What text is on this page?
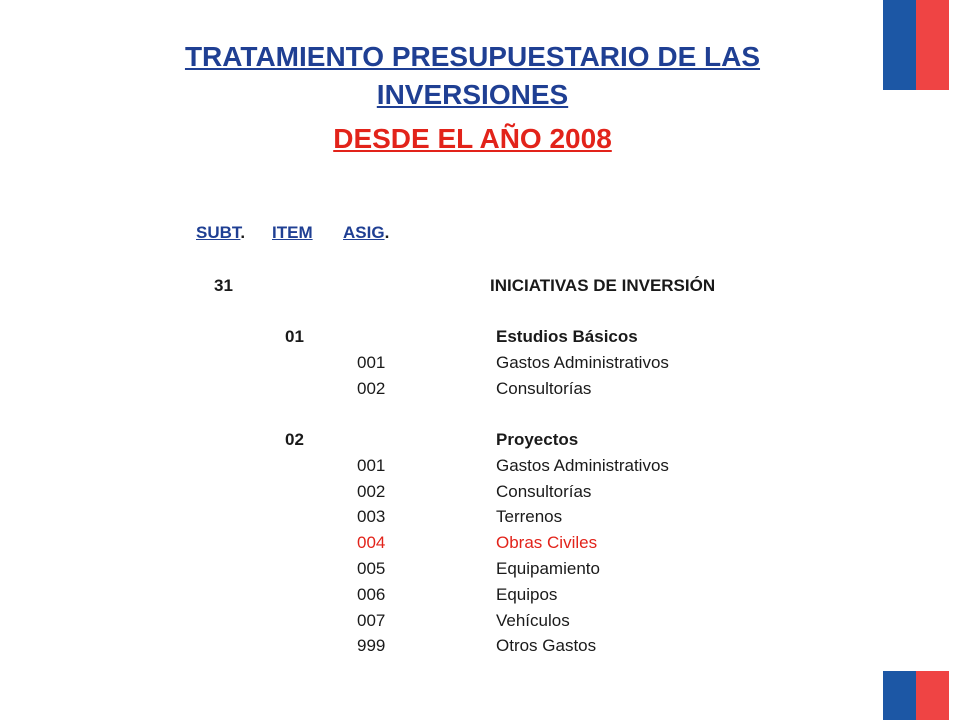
TRATAMIENTO PRESUPUESTARIO DE LAS INVERSIONES
DESDE EL AÑO 2008
SUBT. ITEM ASIG.
31	INICIATIVAS DE INVERSIÓN
01	Estudios Básicos
001	Gastos Administrativos
002	Consultorías
02	Proyectos
001	Gastos Administrativos
002	Consultorías
003	Terrenos
004	Obras Civiles
005	Equipamiento
006	Equipos
007	Vehículos
999	Otros Gastos
